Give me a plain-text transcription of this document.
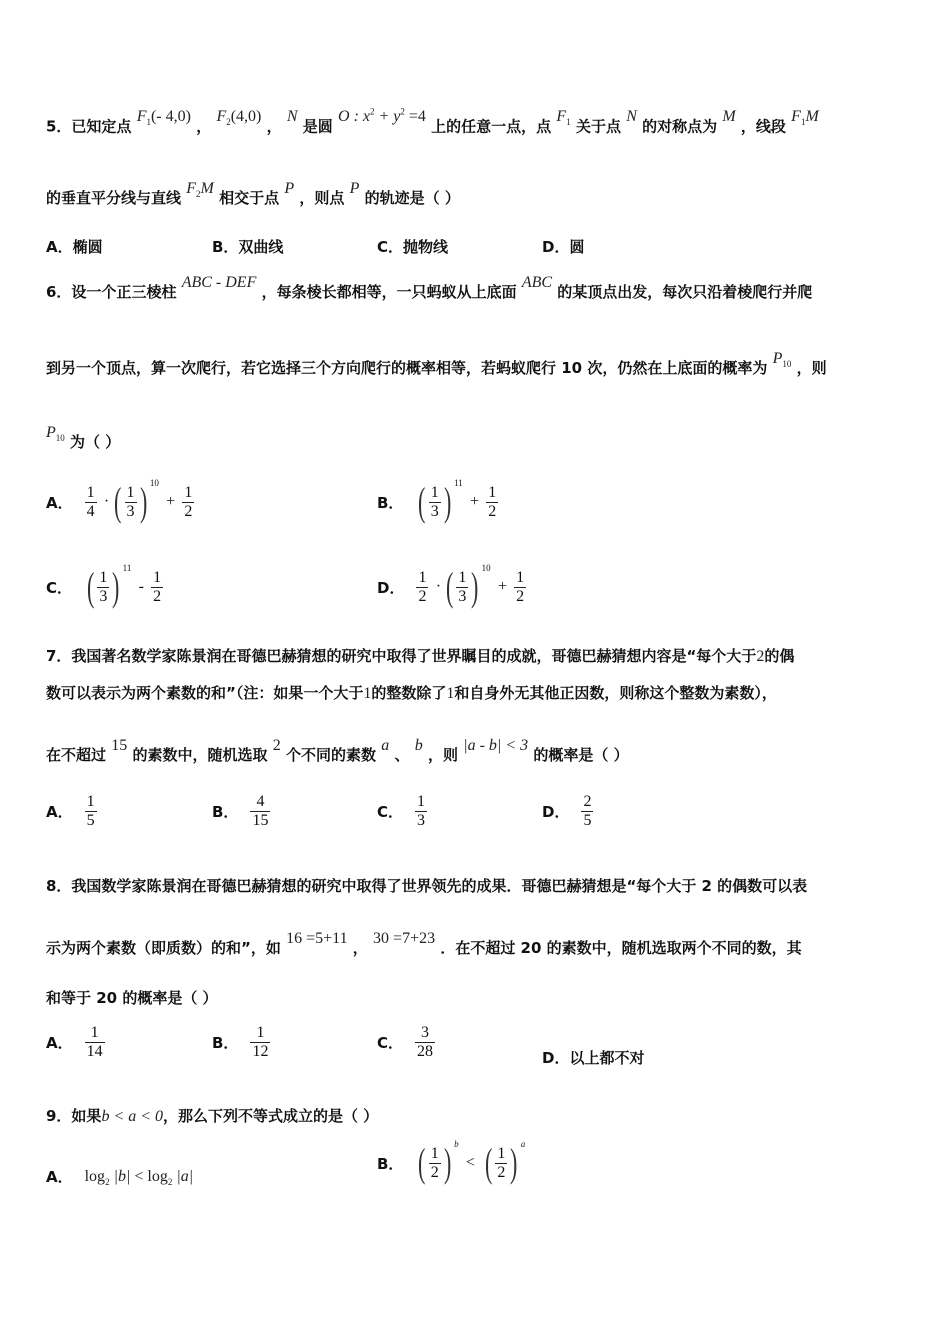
5．已知定点 $F_1(-$ 4,0) ， $F_2(4,0)$ ， N 是圆 O : $x^2 + y^2 =4$ 上的任意一点，点 $F_1$ 关于点 N 的对称点为 M ，线段 $F_1M$
的垂直平分线与直线 $F_2M$ 相交于点 P ，则点 P 的轨迹是（ ）
A．椭圆	B．双曲线	C．抛物线	D．圆
6．设一个正三棱柱 ABC - DEF ，每条棱长都相等，一只蚂蚁从上底面 ABC 的某顶点出发，每次只沿着棱爬行并爬
到另一个顶点，算一次爬行，若它选择三个方向爬行的概率相等，若蚂蚁爬行 10 次，仍然在上底面的概率为 $P_{10}$ ，则
$P_{10}$ 为（ ）
A． $\frac{1}{4}$ · ( $\frac{1}{3}$ ) $10 + \frac{1}{2}$	B． ( $\frac{1}{3}$ ) $11 + \frac{1}{2}$
C． ( $\frac{1}{3}$ ) $11 - \frac{1}{2}$	D． $\frac{1}{2}$ · ( $\frac{1}{3}$ ) $10 + \frac{1}{2}$
7．我国著名数学家陈景润在哥德巴赫猜想的研究中取得了世界瞩目的成就，哥德巴赫猜想内容是“每个大于2的偶
数可以表示为两个素数的和”（注：如果一个大于1的整数除了1和自身外无其他正因数，则称这个整数为素数），
在不超过 15 的素数中，随机选取 2 个不同的素数 a 、 b ，则 |a - b| < 3 的概率是（ ）
A． $\frac{1}{5}$	B． $\frac{4}{15}$	C． $\frac{1}{3}$	D． $\frac{2}{5}$
8．我国数学家陈景润在哥德巴赫猜想的研究中取得了世界领先的成果．哥德巴赫猜想是“每个大于 2 的偶数可以表
示为两个素数（即质数）的和”，如 16 =5+11 ， 30 =7+23 ．在不超过 20 的素数中，随机选取两个不同的数，其
和等于 20 的概率是（ ）
A． $\frac{1}{14}$	B． $\frac{1}{12}$	C． $\frac{3}{28}$	D．以上都不对
9．如果b < a < 0，那么下列不等式成立的是（ ）
A． $\log_2 |b| < \log_2 |a|$
B． ( $\frac{1}{2}$ ) b < ( $\frac{1}{2}$ ) a
